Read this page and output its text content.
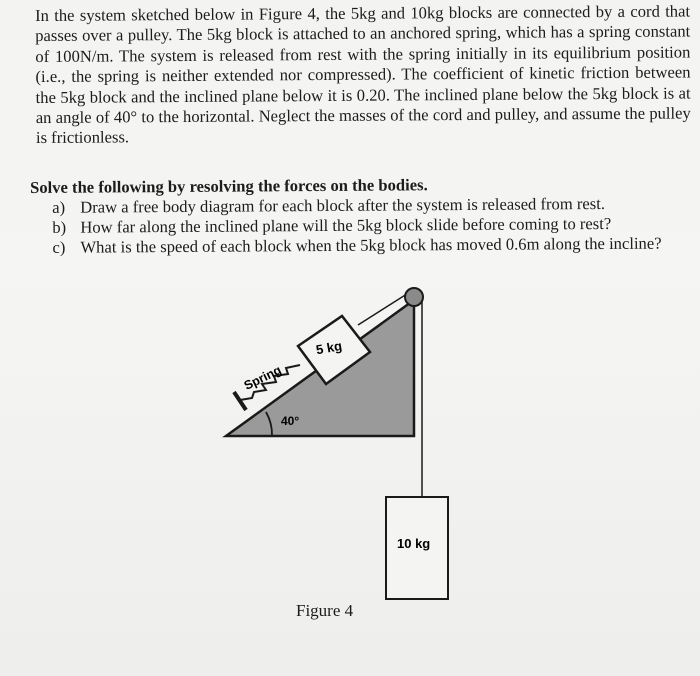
In the system sketched below in Figure 4, the 5kg and 10kg blocks are connected by a cord that passes over a pulley. The 5kg block is attached to an anchored spring, which has a spring constant of 100N/m. The system is released from rest with the spring initially in its equilibrium position (i.e., the spring is neither extended nor compressed). The coefficient of kinetic friction between the 5kg block and the inclined plane below it is 0.20. The inclined plane below the 5kg block is at an angle of 40° to the horizontal. Neglect the masses of the cord and pulley, and assume the pulley is frictionless.

Solve the following by resolving the forces on the bodies.

a) Draw a free body diagram for each block after the system is released from rest.
b) How far along the inclined plane will the 5kg block slide before coming to rest?
c) What is the speed of each block when the 5kg block has moved 0.6m along the incline?
5 kg
Spring
40°
10 kg
Figure 4
